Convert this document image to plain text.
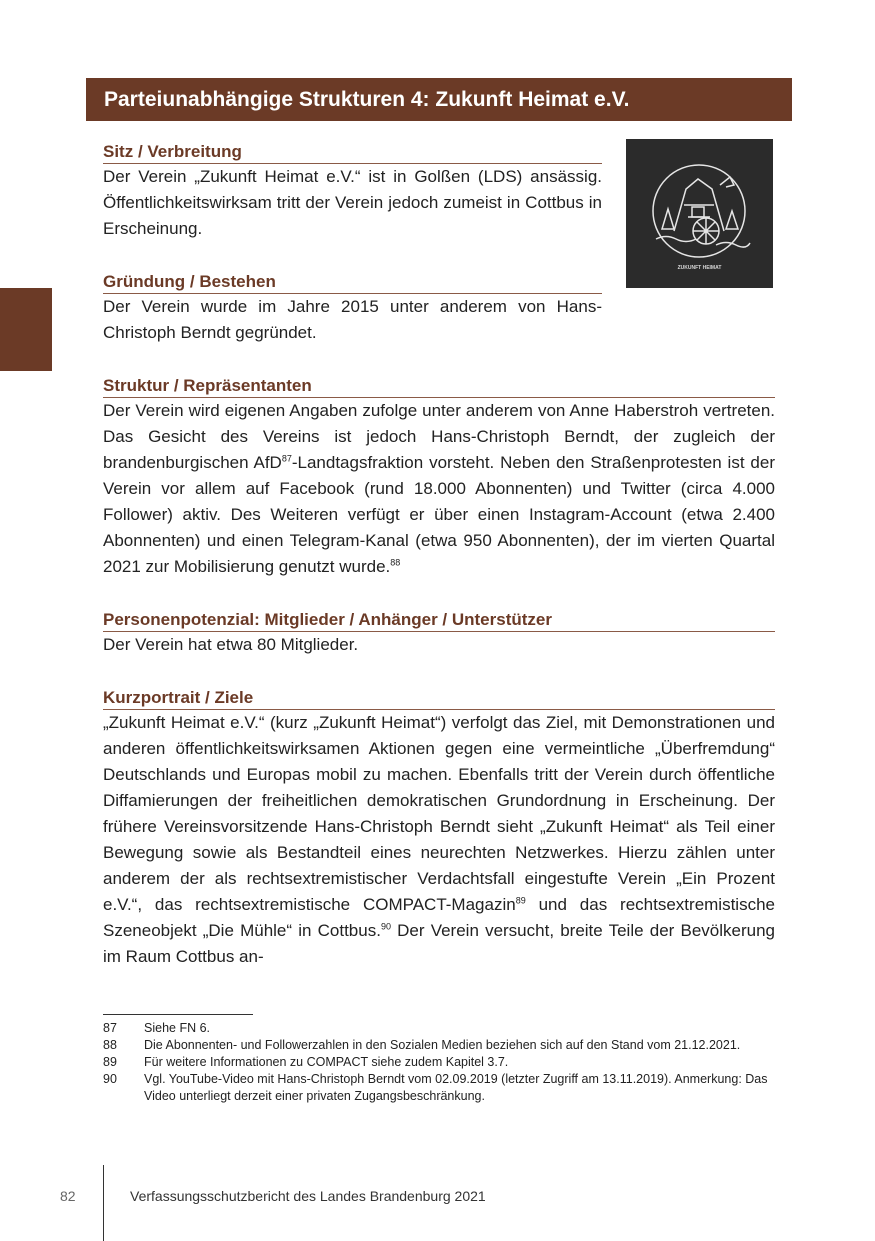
Parteiunabhängige Strukturen 4: Zukunft Heimat e.V.
Sitz / Verbreitung

Der Verein „Zukunft Heimat e.V.“ ist in Golßen (LDS) ansässig. Öffentlichkeitswirksam tritt der Verein jedoch zumeist in Cottbus in Erscheinung.

ZUKUNFT HEIMAT
Gründung / Bestehen

Der Verein wurde im Jahre 2015 unter anderem von Hans-Christoph Berndt gegründet.

Struktur / Repräsentanten

Der Verein wird eigenen Angaben zufolge unter anderem von Anne Haberstroh vertreten. Das Gesicht des Vereins ist jedoch Hans-Christoph Berndt, der zugleich der brandenburgischen AfD$^{87}$-Landtagsfraktion vorsteht. Neben den Straßenprotesten ist der Verein vor allem auf Facebook (rund 18.000 Abonnenten) und Twitter (circa 4.000 Follower) aktiv. Des Weiteren verfügt er über einen Instagram-Account (etwa 2.400 Abonnenten) und einen Telegram-Kanal (etwa 950 Abonnenten), der im vierten Quartal 2021 zur Mobilisierung genutzt wurde.$^{88}$

Personenpotenzial: Mitglieder / Anhänger / Unterstützer

Der Verein hat etwa 80 Mitglieder.

Kurzportrait / Ziele

„Zukunft Heimat e.V.“ (kurz „Zukunft Heimat“) verfolgt das Ziel, mit Demonstrationen und anderen öffentlichkeitswirksamen Aktionen gegen eine vermeintliche „Überfremdung“ Deutschlands und Europas mobil zu machen. Ebenfalls tritt der Verein durch öffentliche Diffamierungen der freiheitlichen demokratischen Grundordnung in Erscheinung. Der frühere Vereinsvorsitzende Hans-Christoph Berndt sieht „Zukunft Heimat“ als Teil einer Bewegung sowie als Bestandteil eines neurechten Netzwerkes. Hierzu zählen unter anderem der als rechtsextremistischer Verdachtsfall eingestufte Verein „Ein Prozent e.V.“, das rechtsextremistische COMPACT-Magazin$^{89}$ und das rechtsextremistische Szeneobjekt „Die Mühle“ in Cottbus.$^{90}$ Der Verein versucht, breite Teile der Bevölkerung im Raum Cottbus an-

87	Siehe FN 6.
88	Die Abonnenten- und Followerzahlen in den Sozialen Medien beziehen sich auf den Stand vom 21.12.2021.
89	Für weitere Informationen zu COMPACT siehe zudem Kapitel 3.7.
90	Vgl. YouTube-Video mit Hans-Christoph Berndt vom 02.09.2019 (letzter Zugriff am 13.11.2019). Anmerkung: Das Video unterliegt derzeit einer privaten Zugangsbeschränkung.
82	Verfassungsschutzbericht des Landes Brandenburg 2021
